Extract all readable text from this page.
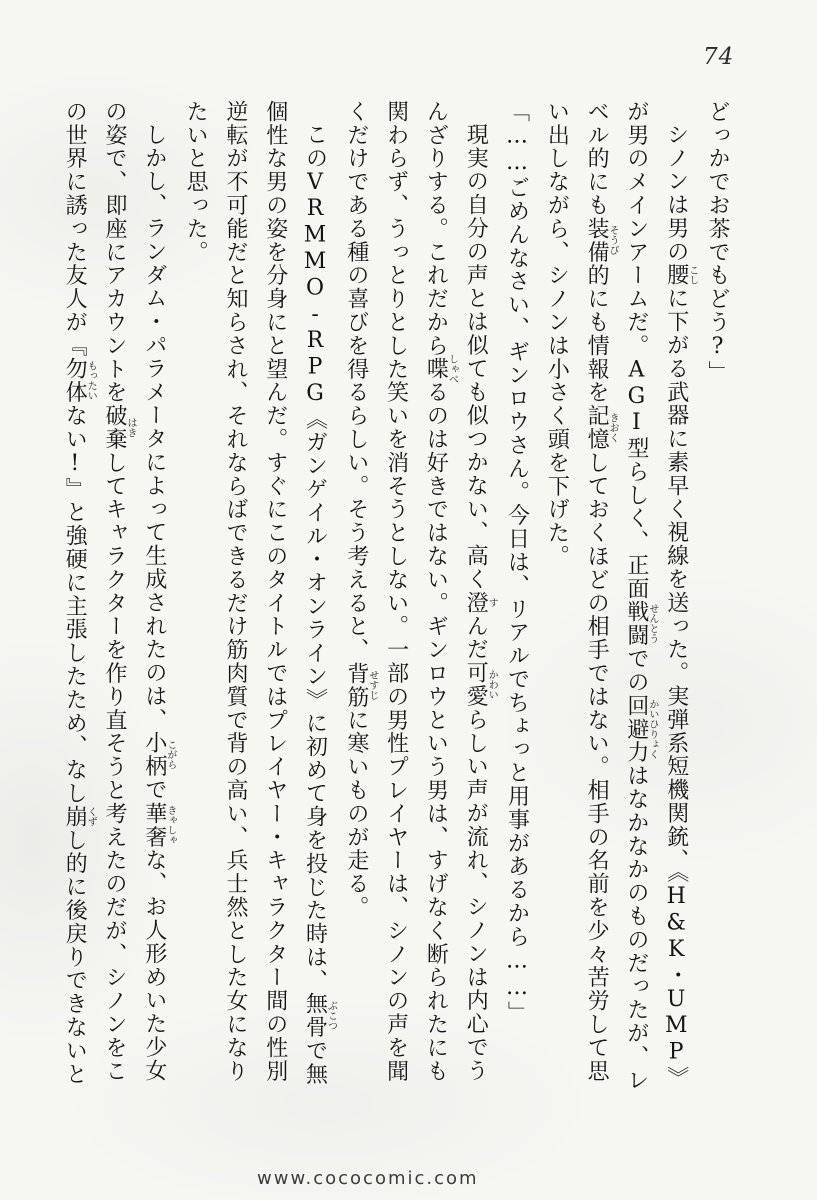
74

どっかでお茶でもどう?」

シノンは男の腰こしに下がる武器に素早く視線を送った。実弾系短機関銃、《H&K・UMP》が男のメインアームだ。AGI型らしく、正面戦闘せんとうでの回避力かいひりょくはなかなかのものだったが、レベル的にも装備そうび的にも情報を記憶きおくしておくほどの相手ではない。相手の名前を少々苦労して思い出しながら、シノンは小さく頭を下げた。

「……ごめんなさい、ギンロウさん。今日は、リアルでちょっと用事があるから……」

現実の自分の声とは似ても似つかない、高く澄すんだ可愛かわいらしい声が流れ、シノンは内心でうんざりする。これだから喋しゃべるのは好きではない。ギンロウという男は、すげなく断られたにも関わらず、うっとりとした笑いを消そうとしない。一部の男性プレイヤーは、シノンの声を聞くだけである種の喜びを得るらしい。そう考えると、背筋せすじに寒いものが走る。

このVRMMO-RPG《ガンゲイル・オンライン》に初めて身を投じた時は、無骨ぶこつで無個性な男の姿を分身にと望んだ。すぐにこのタイトルではプレイヤー・キャラクター間の性別逆転が不可能だと知らされ、それならばできるだけ筋肉質で背の高い、兵士然とした女になりたいと思った。

しかし、ランダム・パラメータによって生成されたのは、小柄こがらで華奢きゃしゃな、お人形めいた少女の姿で、即座にアカウントを破棄はきしてキャラクターを作り直そうと考えたのだが、シノンをこの世界に誘った友人が『勿体もったいない!』と強硬に主張したため、なし崩くずし的に後戻りできないと

www.cococomic.com
